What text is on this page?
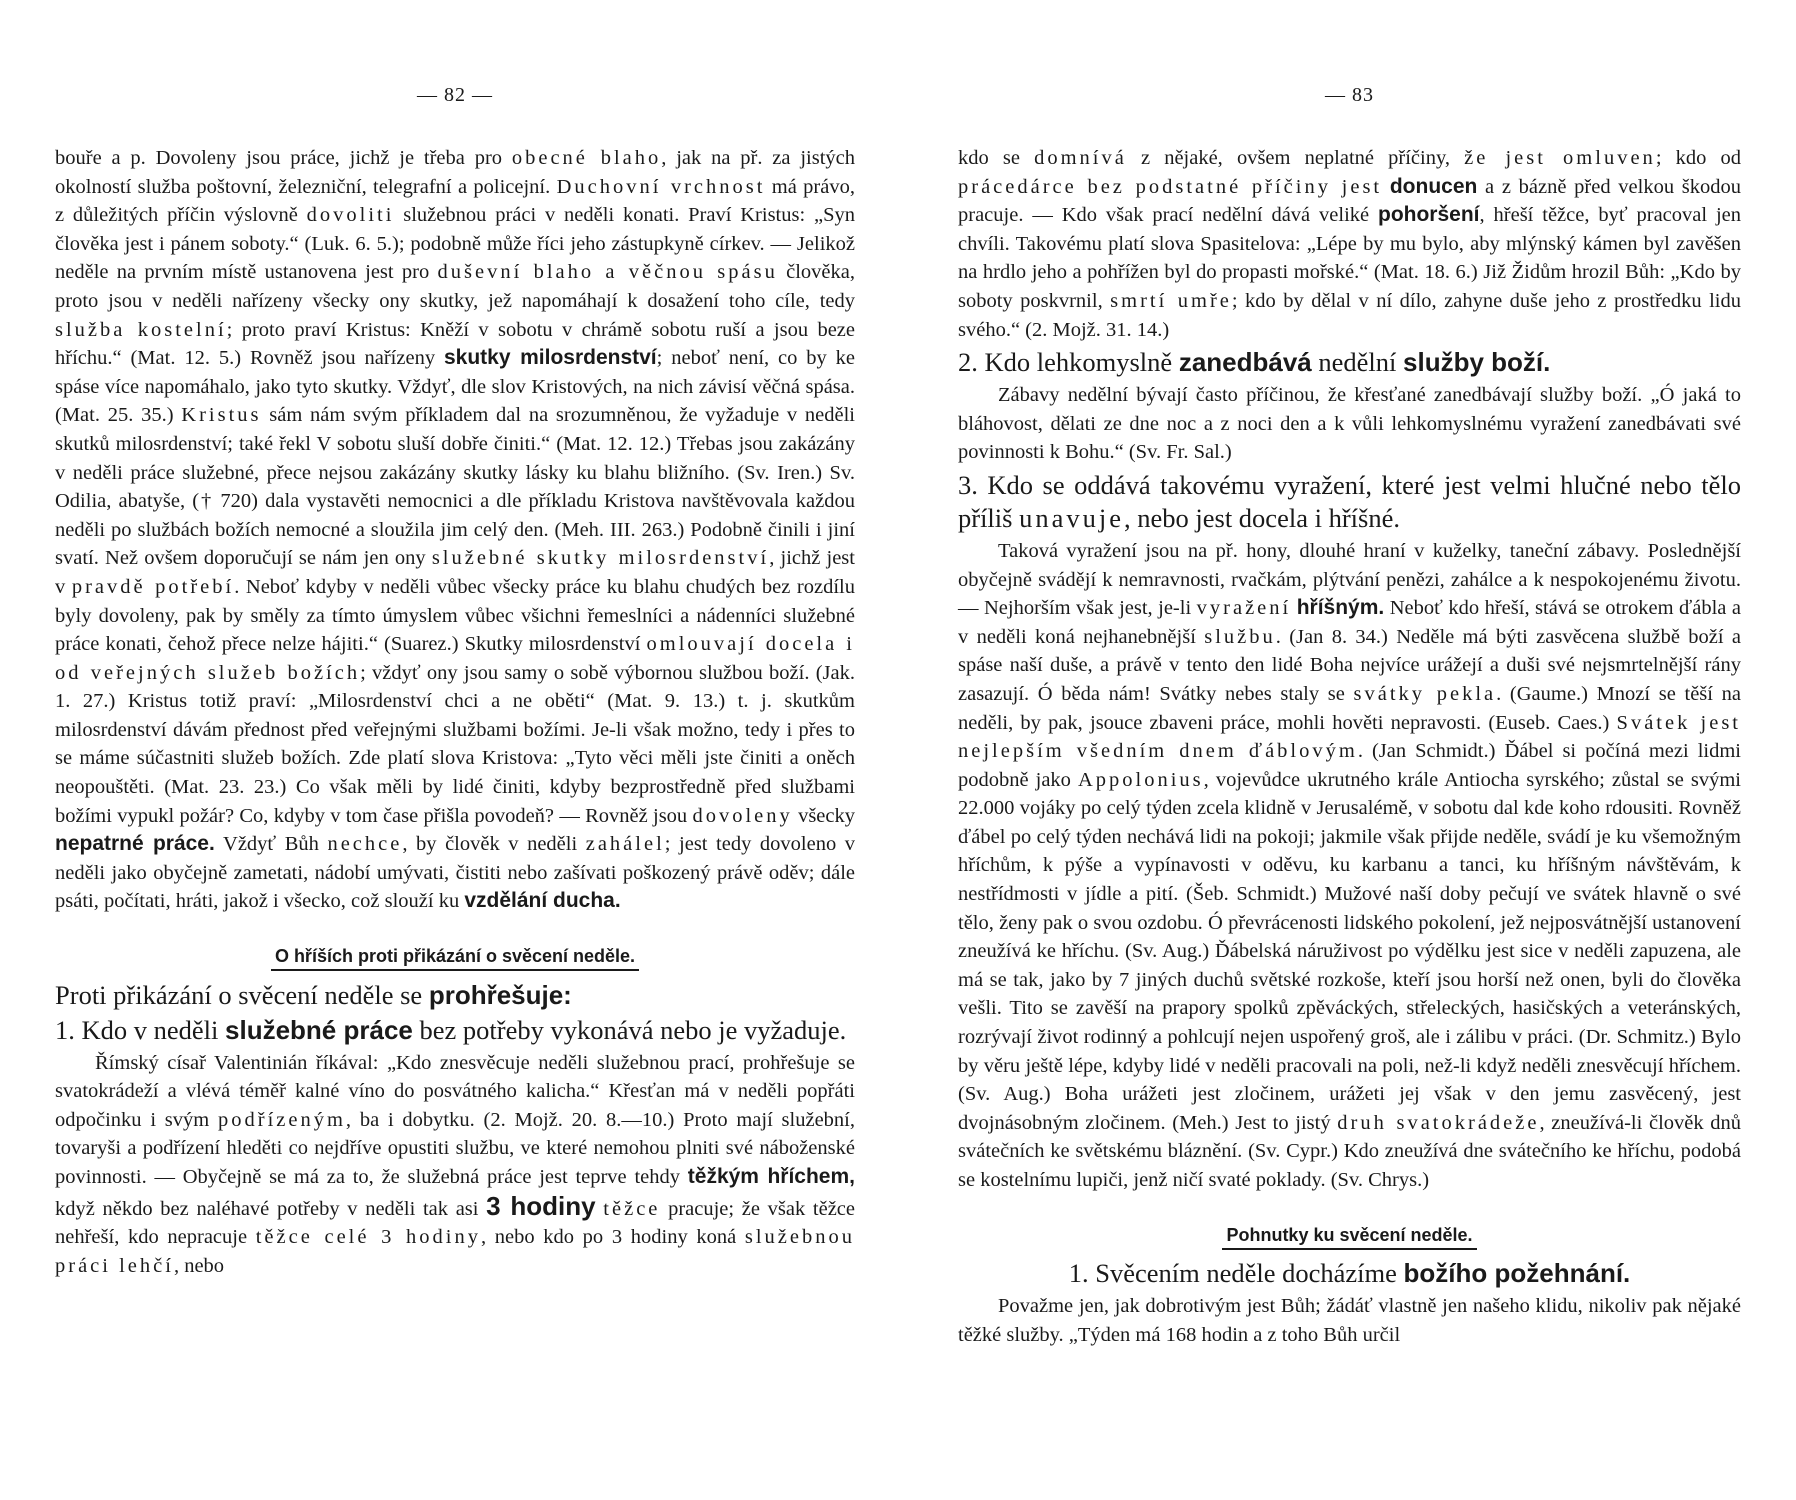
— 82 —

bouře a p. Dovoleny jsou práce, jichž je třeba pro obecné blaho, jak na př. za jistých okolností služba poštovní, železniční, telegrafní a policejní. Duchovní vrchnost má právo, z důležitých příčin výslovně dovoliti služebnou práci v neděli konati. Praví Kristus: „Syn člověka jest i pánem soboty.“ (Luk. 6. 5.); podobně může říci jeho zástupkyně církev. — Jelikož neděle na prvním místě ustanovena jest pro duševní blaho a věčnou spásu člověka, proto jsou v neděli nařízeny všecky ony skutky, jež napomáhají k dosažení toho cíle, tedy služba kostelní; proto praví Kristus: Kněží v sobotu v chrámě sobotu ruší a jsou beze hříchu.“ (Mat. 12. 5.) Rovněž jsou nařízeny skutky milosrdenství; neboť není, co by ke spáse více napomáhalo, jako tyto skutky. Vždyť, dle slov Kristových, na nich závisí věčná spása. (Mat. 25. 35.) Kristus sám nám svým příkladem dal na srozumněnou, že vyžaduje v neděli skutků milosrdenství; také řekl V sobotu sluší dobře činiti.“ (Mat. 12. 12.) Třebas jsou zakázány v neděli práce služebné, přece nejsou zakázány skutky lásky ku blahu bližního. (Sv. Iren.) Sv. Odilia, abatyše, († 720) dala vystavěti nemocnici a dle příkladu Kristova navštěvovala každou neděli po službách božích nemocné a sloužila jim celý den. (Meh. III. 263.) Podobně činili i jiní svatí. Než ovšem doporučují se nám jen ony služebné skutky milosrdenství, jichž jest v pravdě potřebí. Neboť kdyby v neděli vůbec všecky práce ku blahu chudých bez rozdílu byly dovoleny, pak by směly za tímto úmyslem vůbec všichni řemeslníci a nádenníci služebné práce konati, čehož přece nelze hájiti.“ (Suarez.) Skutky milosrdenství omlouvají docela i od veřejných služeb božích; vždyť ony jsou samy o sobě výbornou službou boží. (Jak. 1. 27.) Kristus totiž praví: „Milosrdenství chci a ne oběti“ (Mat. 9. 13.) t. j. skutkům milosrdenství dávám přednost před veřejnými službami božími. Je-li však možno, tedy i přes to se máme súčastniti služeb božích. Zde platí slova Kristova: „Tyto věci měli jste činiti a oněch neopouštěti. (Mat. 23. 23.) Co však měli by lidé činiti, kdyby bezprostředně před službami božími vypukl požár? Co, kdyby v tom čase přišla povodeň? — Rovněž jsou dovoleny všecky nepatrné práce. Vždyť Bůh nechce, by člověk v neděli zahálel; jest tedy dovoleno v neděli jako obyčejně zametati, nádobí umývati, čistiti nebo zašívati poškozený právě oděv; dále psáti, počítati, hráti, jakož i všecko, což slouží ku vzdělání ducha.

O hříších proti přikázání o svěcení neděle.
Proti přikázání o svěcení neděle se prohřešuje:
1. Kdo v neděli služebné práce bez potřeby vykonává nebo je vyžaduje.

Římský císař Valentinián říkával: „Kdo znesvěcuje neděli služebnou prací, prohřešuje se svatokrádeží a vlévá téměř kalné víno do posvátného kalicha.“ Křesťan má v neděli popřáti odpočinku i svým podřízeným, ba i dobytku. (2. Mojž. 20. 8.—10.) Proto mají služební, tovaryši a podřízení hleděti co nejdříve opustiti službu, ve které nemohou plniti své náboženské povinnosti. — Obyčejně se má za to, že služebná práce jest teprve tehdy těžkým hříchem, když někdo bez naléhavé potřeby v neděli tak asi 3 hodiny těžce pracuje; že však těžce nehřeší, kdo nepracuje těžce celé 3 hodiny, nebo kdo po 3 hodiny koná služebnou práci lehčí, nebo

— 83

kdo se domnívá z nějaké, ovšem neplatné příčiny, že jest omluven; kdo od prácedárce bez podstatné příčiny jest donucen a z bázně před velkou škodou pracuje. — Kdo však prací nedělní dává veliké pohoršení, hřeší těžce, byť pracoval jen chvíli. Takovému platí slova Spasitelova: „Lépe by mu bylo, aby mlýnský kámen byl zavěšen na hrdlo jeho a pohřížen byl do propasti mořské.“ (Mat. 18. 6.) Již Židům hrozil Bůh: „Kdo by soboty poskvrnil, smrtí umře; kdo by dělal v ní dílo, zahyne duše jeho z prostředku lidu svého.“ (2. Mojž. 31. 14.)

2. Kdo lehkomyslně zanedbává nedělní služby boží.

Zábavy nedělní bývají často příčinou, že křesťané zanedbávají služby boží. „Ó jaká to bláhovost, dělati ze dne noc a z noci den a k vůli lehkomyslnému vyražení zanedbávati své povinnosti k Bohu.“ (Sv. Fr. Sal.)

3. Kdo se oddává takovému vyražení, které jest velmi hlučné nebo tělo příliš unavuje, nebo jest docela i hříšné.

Taková vyražení jsou na př. hony, dlouhé hraní v kuželky, taneční zábavy. Poslednější obyčejně svádějí k nemravnosti, rvačkám, plýtvání penězi, zahálce a k nespokojenému životu. — Nejhorším však jest, je-li vyražení hříšným. Neboť kdo hřeší, stává se otrokem ďábla a v neděli koná nejhanebnější službu. (Jan 8. 34.) Neděle má býti zasvěcena službě boží a spáse naší duše, a právě v tento den lidé Boha nejvíce urážejí a duši své nejsmrtelnější rány zasazují. Ó běda nám! Svátky nebes staly se svátky pekla. (Gaume.) Mnozí se těší na neděli, by pak, jsouce zbaveni práce, mohli hověti nepravosti. (Euseb. Caes.) Svátek jest nejlepším všedním dnem ďáblovým. (Jan Schmidt.) Ďábel si počíná mezi lidmi podobně jako Appolonius, vojevůdce ukrutného krále Antiocha syrského; zůstal se svými 22.000 vojáky po celý týden zcela klidně v Jerusalémě, v sobotu dal kde koho rdousiti. Rovněž ďábel po celý týden nechává lidi na pokoji; jakmile však přijde neděle, svádí je ku všemožným hříchům, k pýše a vypínavosti v oděvu, ku karbanu a tanci, ku hříšným návštěvám, k nestřídmosti v jídle a pití. (Šeb. Schmidt.) Mužové naší doby pečují ve svátek hlavně o své tělo, ženy pak o svou ozdobu. Ó převrácenosti lidského pokolení, jež nejposvátnější ustanovení zneužívá ke hříchu. (Sv. Aug.) Ďábelská náruživost po výdělku jest sice v neděli zapuzena, ale má se tak, jako by 7 jiných duchů světské rozkoše, kteří jsou horší než onen, byli do člověka vešli. Tito se zavěší na prapory spolků zpěváckých, střeleckých, hasičských a veteránských, rozrývají život rodinný a pohlcují nejen uspořený groš, ale i zálibu v práci. (Dr. Schmitz.) Bylo by věru ještě lépe, kdyby lidé v neděli pracovali na poli, než-li když neděli znesvěcují hříchem. (Sv. Aug.) Boha urážeti jest zločinem, urážeti jej však v den jemu zasvěcený, jest dvojnásobným zločinem. (Meh.) Jest to jistý druh svatokrádeže, zneužívá-li člověk dnů svátečních ke světskému bláznění. (Sv. Cypr.) Kdo zneužívá dne svátečního ke hříchu, podobá se kostelnímu lupiči, jenž ničí svaté poklady. (Sv. Chrys.)

Pohnutky ku svěcení neděle.
1. Svěcením neděle docházíme božího požehnání.

Považme jen, jak dobrotivým jest Bůh; žádáť vlastně jen našeho klidu, nikoliv pak nějaké těžké služby. „Týden má 168 hodin a z toho Bůh určil
